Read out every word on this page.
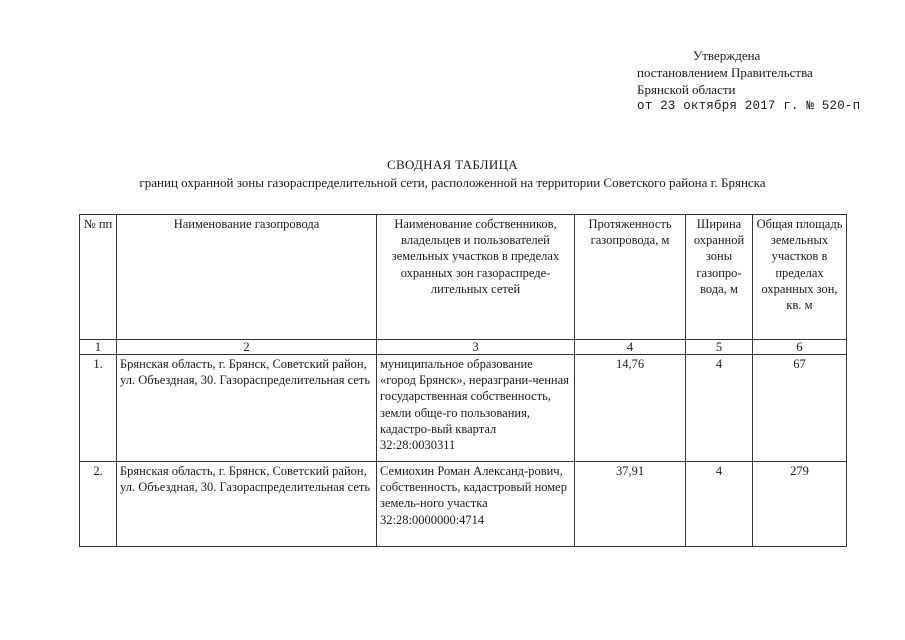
Утверждена
постановлением Правительства
Брянской области
от 23 октября 2017 г. № 520-п
СВОДНАЯ ТАБЛИЦА
границ охранной зоны газораспределительной сети, расположенной на территории Советского района г. Брянска
№ пп	Наименование газопровода	Наименование собственников, владельцев и пользователей земельных участков в пределах охранных зон газораспреде-лительных сетей	Протяженность газопровода, м	Ширина охранной зоны газопро-вода, м	Общая площадь земельных участков в пределах охранных зон, кв. м
1	2	3	4	5	6
1.	Брянская область, г. Брянск, Советский район, ул. Объездная, 30. Газораспределительная сеть	муниципальное образование «город Брянск», неразграни-ченная государственная собственность, земли обще-го пользования, кадастро-вый квартал 32:28:0030311	14,76	4	67
2.	Брянская область, г. Брянск, Советский район, ул. Объездная, 30. Газораспределительная сеть	Семиохин Роман Александ-рович, собственность, кадастровый номер земель-ного участка 32:28:0000000:4714	37,91	4	279
